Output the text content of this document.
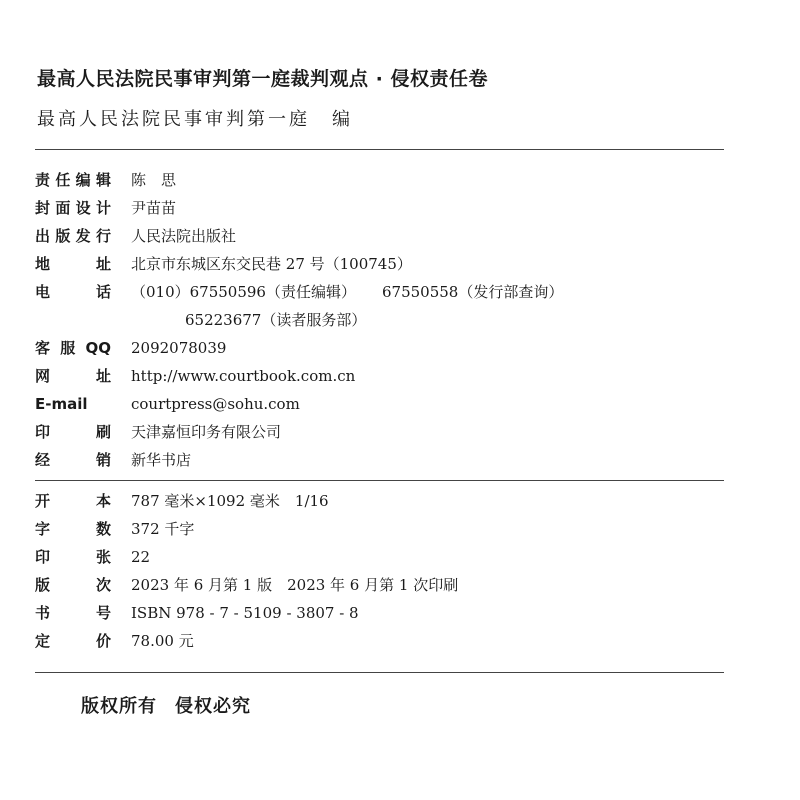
最高人民法院民事审判第一庭裁判观点 · 侵权责任卷
最高人民法院民事审判第一庭 编
责任编辑 陈　思
封面设计 尹苗苗
出版发行 人民法院出版社
地址 北京市东城区东交民巷 27 号（100745）
电话 （010）67550596（责任编辑） 67550558（发行部查询）
65223677（读者服务部）
客服QQ 2092078039
网址 http://www.courtbook.com.cn
E-mail	courtpress@sohu.com
印刷 天津嘉恒印务有限公司
经销 新华书店
开本 787 毫米×1092 毫米　1/16
字数 372 千字
印张 22
版次 2023 年 6 月第 1 版　2023 年 6 月第 1 次印刷
书号 ISBN 978 - 7 - 5109 - 3807 - 8
定价 78.00 元
版权所有 侵权必究
